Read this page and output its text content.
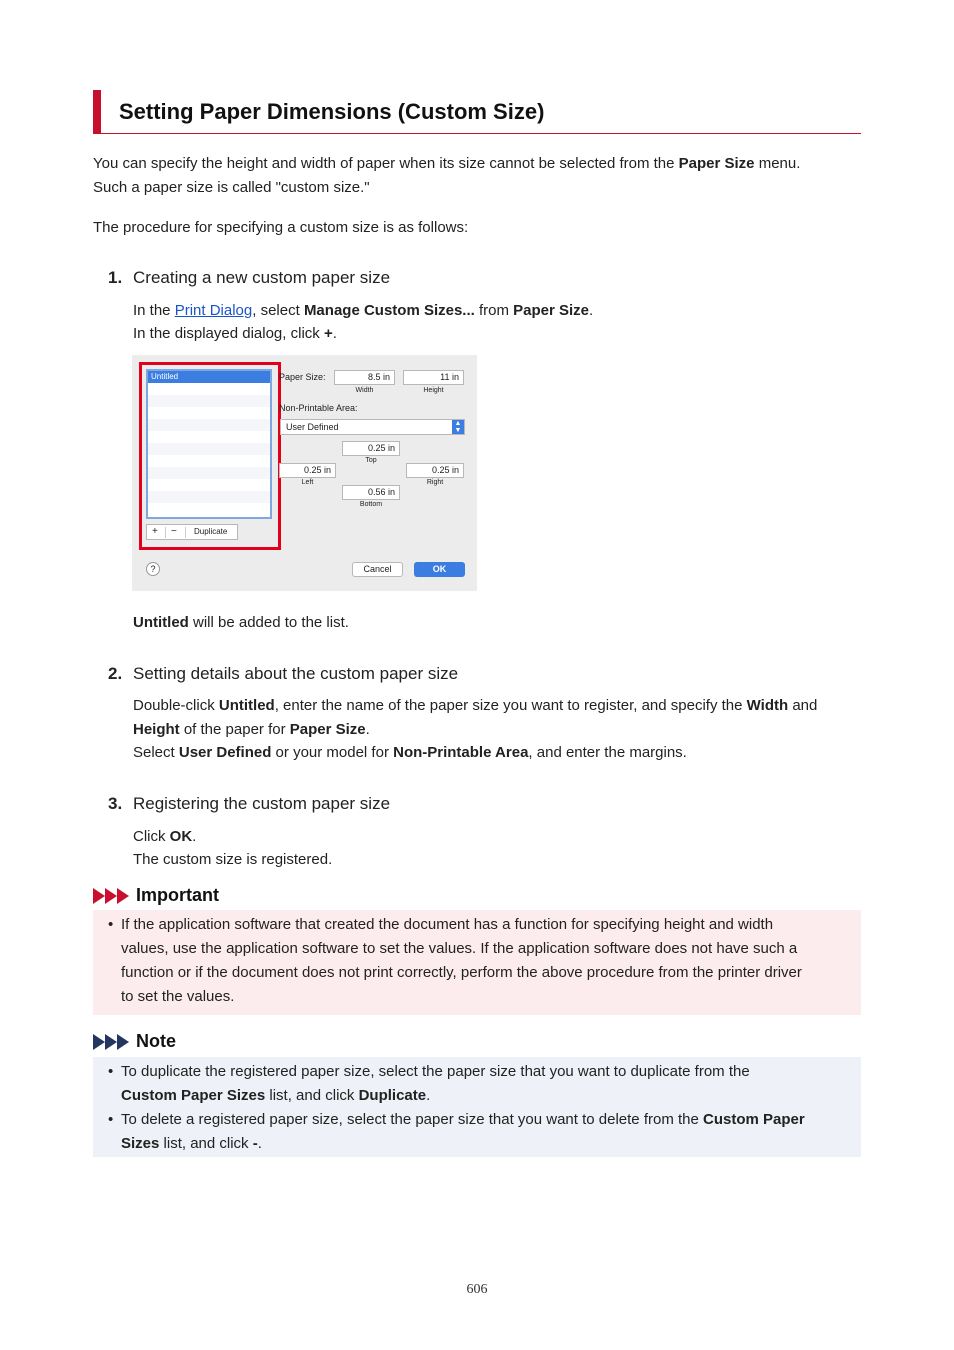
Setting Paper Dimensions (Custom Size)

You can specify the height and width of paper when its size cannot be selected from the Paper Size menu.

Such a paper size is called "custom size."

The procedure for specifying a custom size is as follows:

1. Creating a new custom paper size

In the Print Dialog, select Manage Custom Sizes... from Paper Size.

In the displayed dialog, click +.

Untitled
+ − Duplicate
Paper Size:	8.5 in
Width
11 in
Height
Non-Printable Area:
User Defined	▲
▼
0.25 in
Top
0.25 in
Left
0.25 in
Right
0.56 in
Bottom
?	Cancel	OK

Untitled will be added to the list.

2. Setting details about the custom paper size

Double-click Untitled, enter the name of the paper size you want to register, and specify the Width and

Height of the paper for Paper Size.

Select User Defined or your model for Non-Printable Area, and enter the margins.

3. Registering the custom paper size

Click OK.

The custom size is registered.

Important
• If the application software that created the document has a function for specifying height and width

values, use the application software to set the values. If the application software does not have such a

function or if the document does not print correctly, perform the above procedure from the printer driver

to set the values.

Note
• To duplicate the registered paper size, select the paper size that you want to duplicate from the

Custom Paper Sizes list, and click Duplicate.

• To delete a registered paper size, select the paper size that you want to delete from the Custom Paper

Sizes list, and click -.

606
